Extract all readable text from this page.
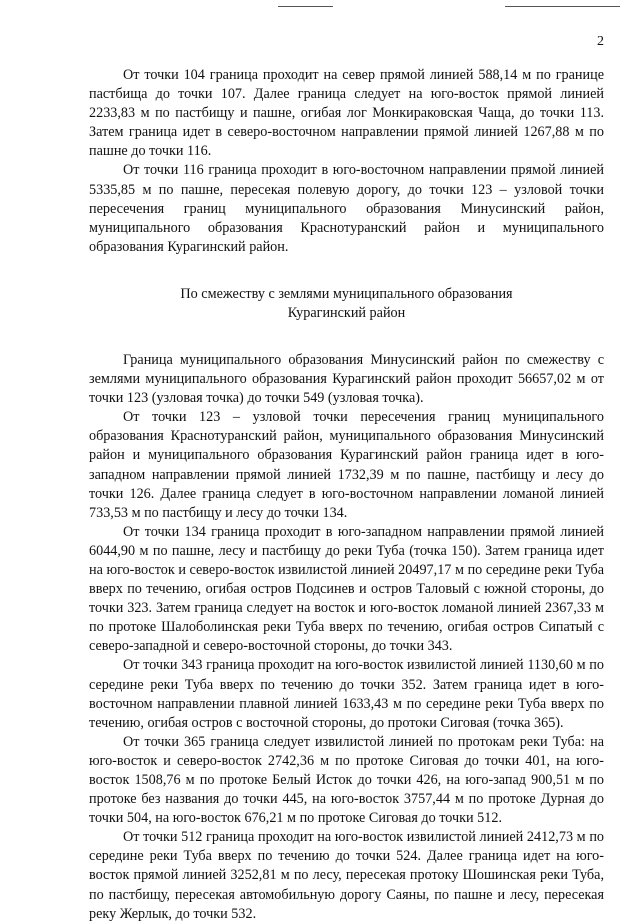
2

От точки 104 граница проходит на север прямой линией 588,14 м по границе пастбища до точки 107. Далее граница следует на юго-восток прямой линией 2233,83 м по пастбищу и пашне, огибая лог Монкираковская Чаща, до точки 113. Затем граница идет в северо-восточном направлении прямой линией 1267,88 м по пашне до точки 116.

От точки 116 граница проходит в юго-восточном направлении прямой линией 5335,85 м по пашне, пересекая полевую дорогу, до точки 123 – узловой точки пересечения границ муниципального образования Минусинский район, муниципального образования Краснотуранский район и муниципального образования Курагинский район.

По смежеству с землями муниципального образования
Курагинский район

Граница муниципального образования Минусинский район по смежеству с землями муниципального образования Курагинский район проходит 56657,02 м от точки 123 (узловая точка) до точки 549 (узловая точка).

От точки 123 – узловой точки пересечения границ муниципального образования Краснотуранский район, муниципального образования Минусинский район и муниципального образования Курагинский район граница идет в юго-западном направлении прямой линией 1732,39 м по пашне, пастбищу и лесу до точки 126. Далее граница следует в юго-восточном направлении ломаной линией 733,53 м по пастбищу и лесу до точки 134.

От точки 134 граница проходит в юго-западном направлении прямой линией 6044,90 м по пашне, лесу и пастбищу до реки Туба (точка 150). Затем граница идет на юго-восток и северо-восток извилистой линией 20497,17 м по середине реки Туба вверх по течению, огибая остров Подсинев и остров Таловый с южной стороны, до точки 323. Затем граница следует на восток и юго-восток ломаной линией 2367,33 м по протоке Шалоболинская реки Туба вверх по течению, огибая остров Сипатый с северо-западной и северо-восточной стороны, до точки 343.

От точки 343 граница проходит на юго-восток извилистой линией 1130,60 м по середине реки Туба вверх по течению до точки 352. Затем граница идет в юго-восточном направлении плавной линией 1633,43 м по середине реки Туба вверх по течению, огибая остров с восточной стороны, до протоки Сиговая (точка 365).

От точки 365 граница следует извилистой линией по протокам реки Туба: на юго-восток и северо-восток 2742,36 м по протоке Сиговая до точки 401, на юго-восток 1508,76 м по протоке Белый Исток до точки 426, на юго-запад 900,51 м по протоке без названия до точки 445, на юго-восток 3757,44 м по протоке Дурная до точки 504, на юго-восток 676,21 м по протоке Сиговая до точки 512.

От точки 512 граница проходит на юго-восток извилистой линией 2412,73 м по середине реки Туба вверх по течению до точки 524. Далее граница идет на юго-восток прямой линией 3252,81 м по лесу, пересекая протоку Шошинская реки Туба, по пастбищу, пересекая автомобильную дорогу Саяны, по пашне и лесу, пересекая реку Жерлык, до точки 532.
